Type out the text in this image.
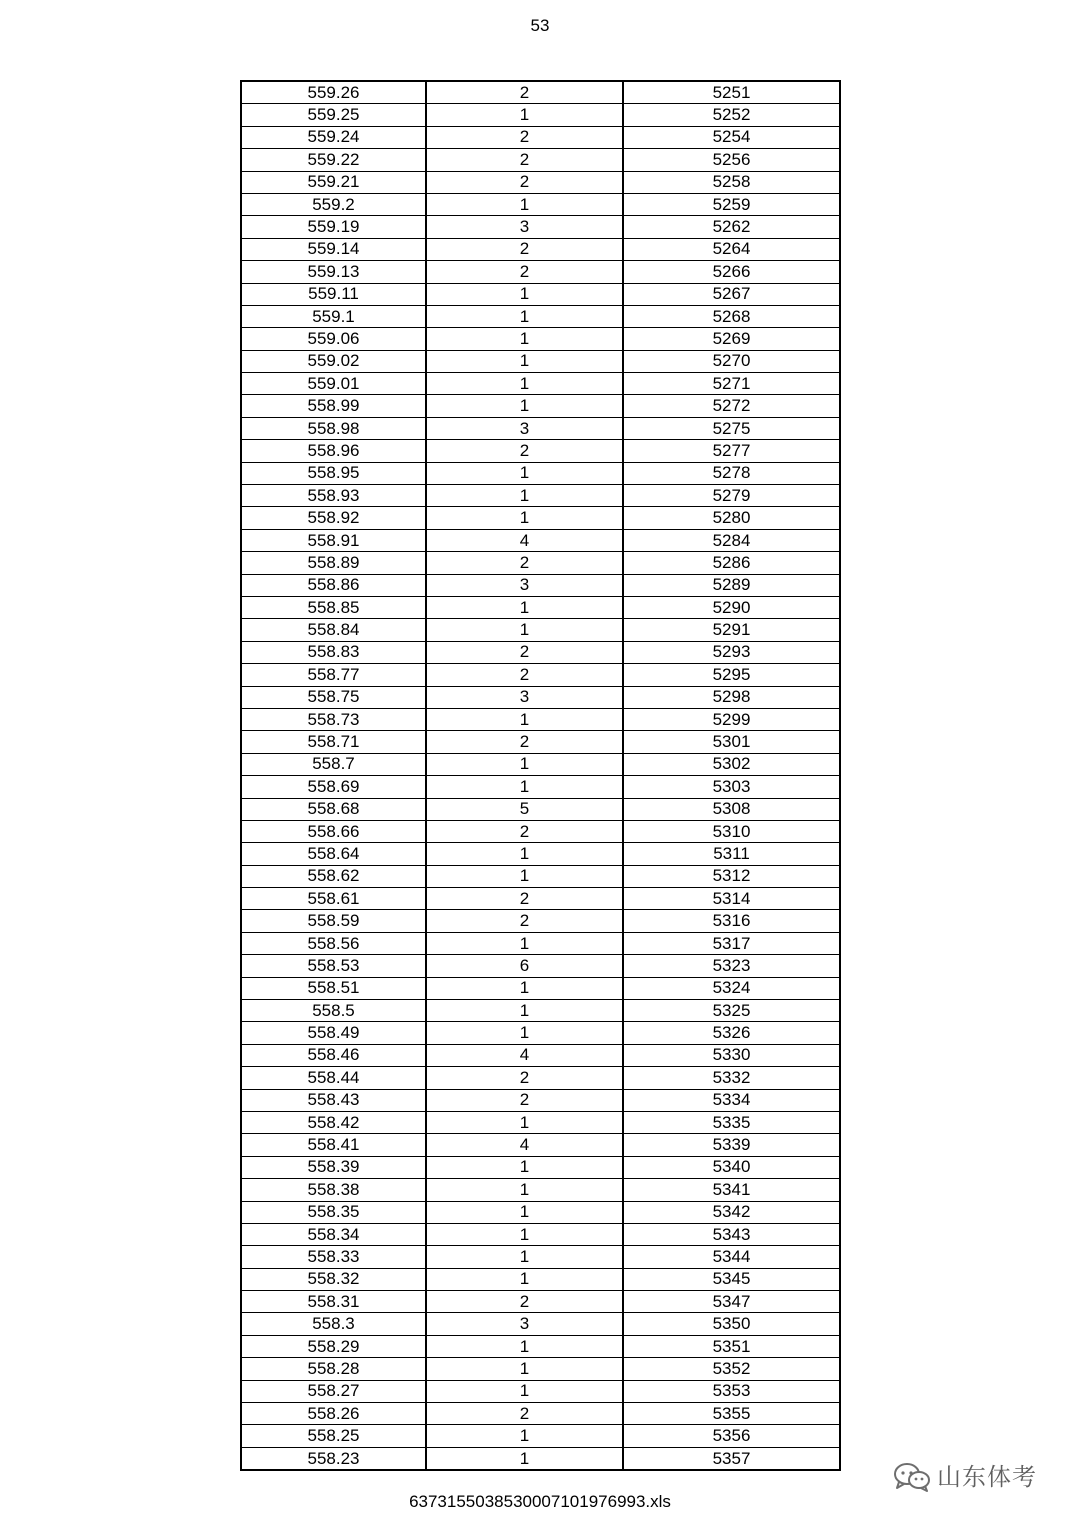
53
559.26	2	5251
559.25	1	5252
559.24	2	5254
559.22	2	5256
559.21	2	5258
559.2	1	5259
559.19	3	5262
559.14	2	5264
559.13	2	5266
559.11	1	5267
559.1	1	5268
559.06	1	5269
559.02	1	5270
559.01	1	5271
558.99	1	5272
558.98	3	5275
558.96	2	5277
558.95	1	5278
558.93	1	5279
558.92	1	5280
558.91	4	5284
558.89	2	5286
558.86	3	5289
558.85	1	5290
558.84	1	5291
558.83	2	5293
558.77	2	5295
558.75	3	5298
558.73	1	5299
558.71	2	5301
558.7	1	5302
558.69	1	5303
558.68	5	5308
558.66	2	5310
558.64	1	5311
558.62	1	5312
558.61	2	5314
558.59	2	5316
558.56	1	5317
558.53	6	5323
558.51	1	5324
558.5	1	5325
558.49	1	5326
558.46	4	5330
558.44	2	5332
558.43	2	5334
558.42	1	5335
558.41	4	5339
558.39	1	5340
558.38	1	5341
558.35	1	5342
558.34	1	5343
558.33	1	5344
558.32	1	5345
558.31	2	5347
558.3	3	5350
558.29	1	5351
558.28	1	5352
558.27	1	5353
558.26	2	5355
558.25	1	5356
558.23	1	5357
6373155038530007101976993.xls
山东体考
